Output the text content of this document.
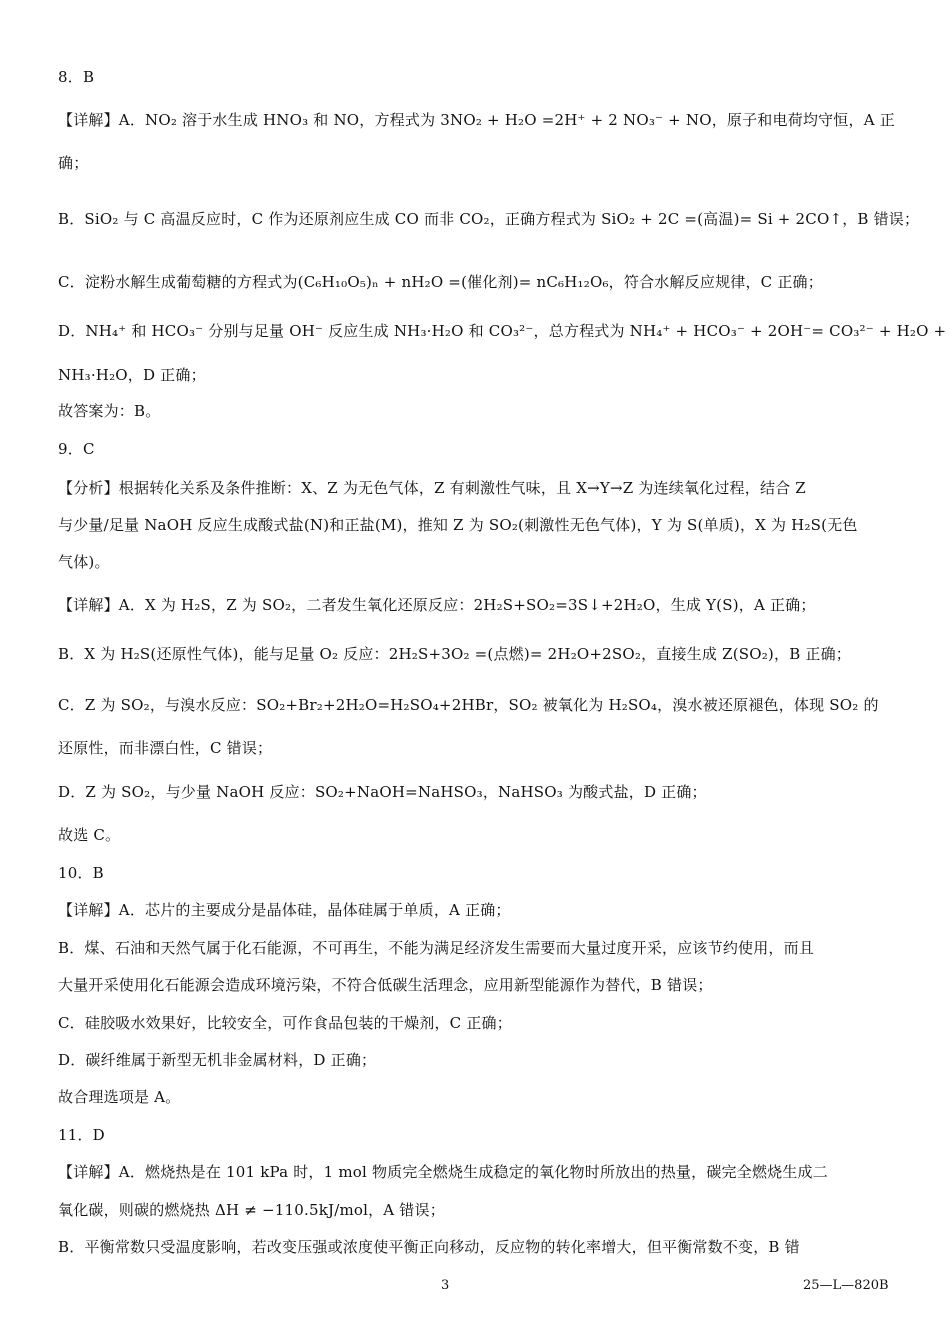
8．B
【详解】A．NO₂ 溶于水生成 HNO₃ 和 NO，方程式为 3NO₂ + H₂O =2H⁺ + 2 NO₃⁻ + NO，原子和电荷均守恒，A 正
确；
B．SiO₂ 与 C 高温反应时，C 作为还原剂应生成 CO 而非 CO₂，正确方程式为 SiO₂ + 2C =(高温)= Si + 2CO↑，B 错误；
C．淀粉水解生成葡萄糖的方程式为(C₆H₁₀O₅)ₙ + nH₂O =(催化剂)= nC₆H₁₂O₆，符合水解反应规律，C 正确；
D．NH₄⁺ 和 HCO₃⁻ 分别与足量 OH⁻ 反应生成 NH₃·H₂O 和 CO₃²⁻，总方程式为 NH₄⁺ + HCO₃⁻ + 2OH⁻= CO₃²⁻ + H₂O +
NH₃·H₂O，D 正确；
故答案为：B。
9．C
【分析】根据转化关系及条件推断：X、Z 为无色气体，Z 有刺激性气味，且 X→Y→Z 为连续氧化过程，结合 Z
与少量/足量 NaOH 反应生成酸式盐(N)和正盐(M)，推知 Z 为 SO₂(刺激性无色气体)，Y 为 S(单质)，X 为 H₂S(无色
气体)。
【详解】A．X 为 H₂S，Z 为 SO₂，二者发生氧化还原反应：2H₂S+SO₂=3S↓+2H₂O，生成 Y(S)，A 正确；
B．X 为 H₂S(还原性气体)，能与足量 O₂ 反应：2H₂S+3O₂ =(点燃)= 2H₂O+2SO₂，直接生成 Z(SO₂)，B 正确；
C．Z 为 SO₂，与溴水反应：SO₂+Br₂+2H₂O=H₂SO₄+2HBr，SO₂ 被氧化为 H₂SO₄，溴水被还原褪色，体现 SO₂ 的
还原性，而非漂白性，C 错误；
D．Z 为 SO₂，与少量 NaOH 反应：SO₂+NaOH=NaHSO₃，NaHSO₃ 为酸式盐，D 正确；
故选 C。
10．B
【详解】A．芯片的主要成分是晶体硅，晶体硅属于单质，A 正确；
B．煤、石油和天然气属于化石能源，不可再生，不能为满足经济发生需要而大量过度开采，应该节约使用，而且
大量开采使用化石能源会造成环境污染，不符合低碳生活理念，应用新型能源作为替代，B 错误；
C．硅胶吸水效果好，比较安全，可作食品包装的干燥剂，C 正确；
D．碳纤维属于新型无机非金属材料，D 正确；
故合理选项是 A。
11．D
【详解】A．燃烧热是在 101 kPa 时，1 mol 物质完全燃烧生成稳定的氧化物时所放出的热量，碳完全燃烧生成二
氧化碳，则碳的燃烧热 ΔH ≠ −110.5kJ/mol，A 错误；
B．平衡常数只受温度影响，若改变压强或浓度使平衡正向移动，反应物的转化率增大，但平衡常数不变，B 错
3	25—L—820B
